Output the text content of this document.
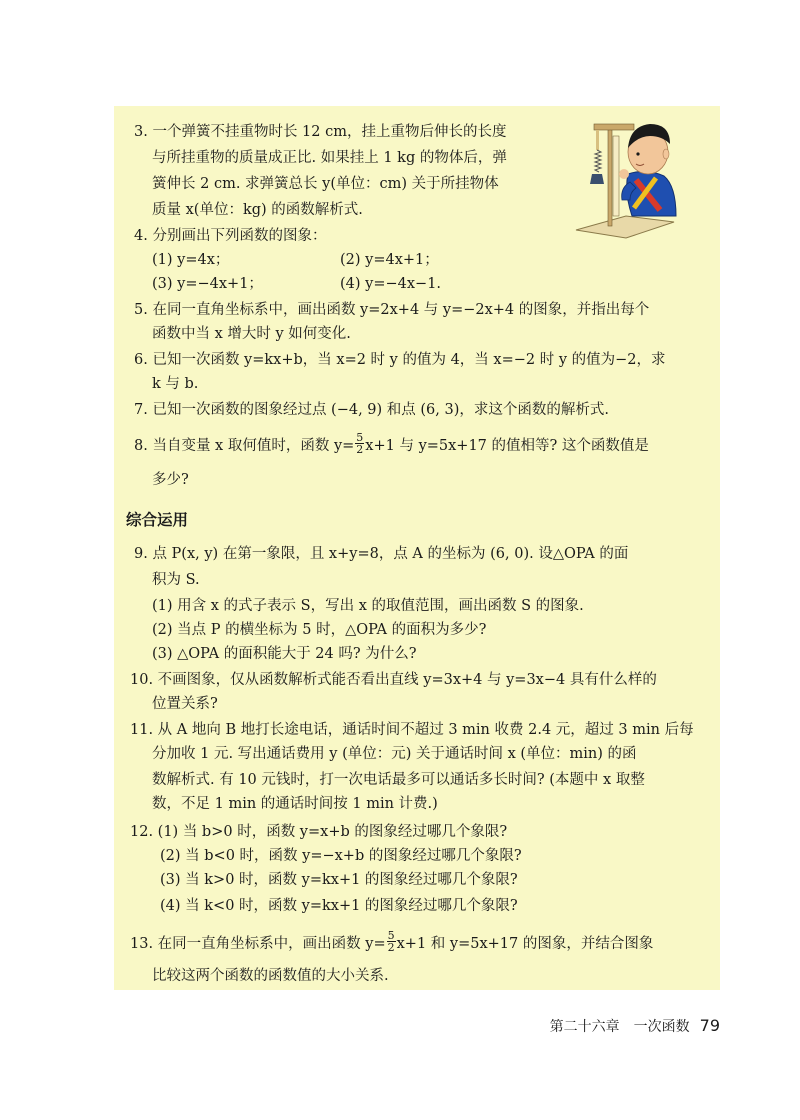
3. 一个弹簧不挂重物时长 12 cm，挂上重物后伸长的长度
与所挂重物的质量成正比. 如果挂上 1 kg 的物体后，弹
簧伸长 2 cm. 求弹簧总长 y(单位：cm) 关于所挂物体
质量 x(单位：kg) 的函数解析式.
4. 分别画出下列函数的图象：
(1) y=4x；	(2) y=4x+1；
(3) y=−4x+1；	(4) y=−4x−1.
5. 在同一直角坐标系中，画出函数 y=2x+4 与 y=−2x+4 的图象，并指出每个
函数中当 x 增大时 y 如何变化.
6. 已知一次函数 y=kx+b，当 x=2 时 y 的值为 4，当 x=−2 时 y 的值为−2，求
k 与 b.
7. 已知一次函数的图象经过点 (−4, 9) 和点 (6, 3)，求这个函数的解析式.
8. 当自变量 x 取何值时，函数 $y= \frac{5}{2} x+1$ 与 y=5x+17 的值相等? 这个函数值是
多少?
综合运用
9. 点 P(x, y) 在第一象限，且 x+y=8，点 A 的坐标为 (6, 0). 设△OPA 的面
积为 S.
(1) 用含 x 的式子表示 S，写出 x 的取值范围，画出函数 S 的图象.
(2) 当点 P 的横坐标为 5 时，△OPA 的面积为多少?
(3) △OPA 的面积能大于 24 吗? 为什么?
10. 不画图象，仅从函数解析式能否看出直线 y=3x+4 与 y=3x−4 具有什么样的
位置关系?
11. 从 A 地向 B 地打长途电话，通话时间不超过 3 min 收费 2.4 元，超过 3 min 后每
分加收 1 元. 写出通话费用 y (单位：元) 关于通话时间 x (单位：min) 的函
数解析式. 有 10 元钱时，打一次电话最多可以通话多长时间? (本题中 x 取整
数，不足 1 min 的通话时间按 1 min 计费.)
12. (1) 当 b>0 时，函数 y=x+b 的图象经过哪几个象限?
(2) 当 b<0 时，函数 y=−x+b 的图象经过哪几个象限?
(3) 当 k>0 时，函数 y=kx+1 的图象经过哪几个象限?
(4) 当 k<0 时，函数 y=kx+1 的图象经过哪几个象限?
13. 在同一直角坐标系中，画出函数 $y= \frac{5}{2} x+1$ 和 y=5x+17 的图象，并结合图象
比较这两个函数的函数值的大小关系.
第二十六章　一次函数 79
